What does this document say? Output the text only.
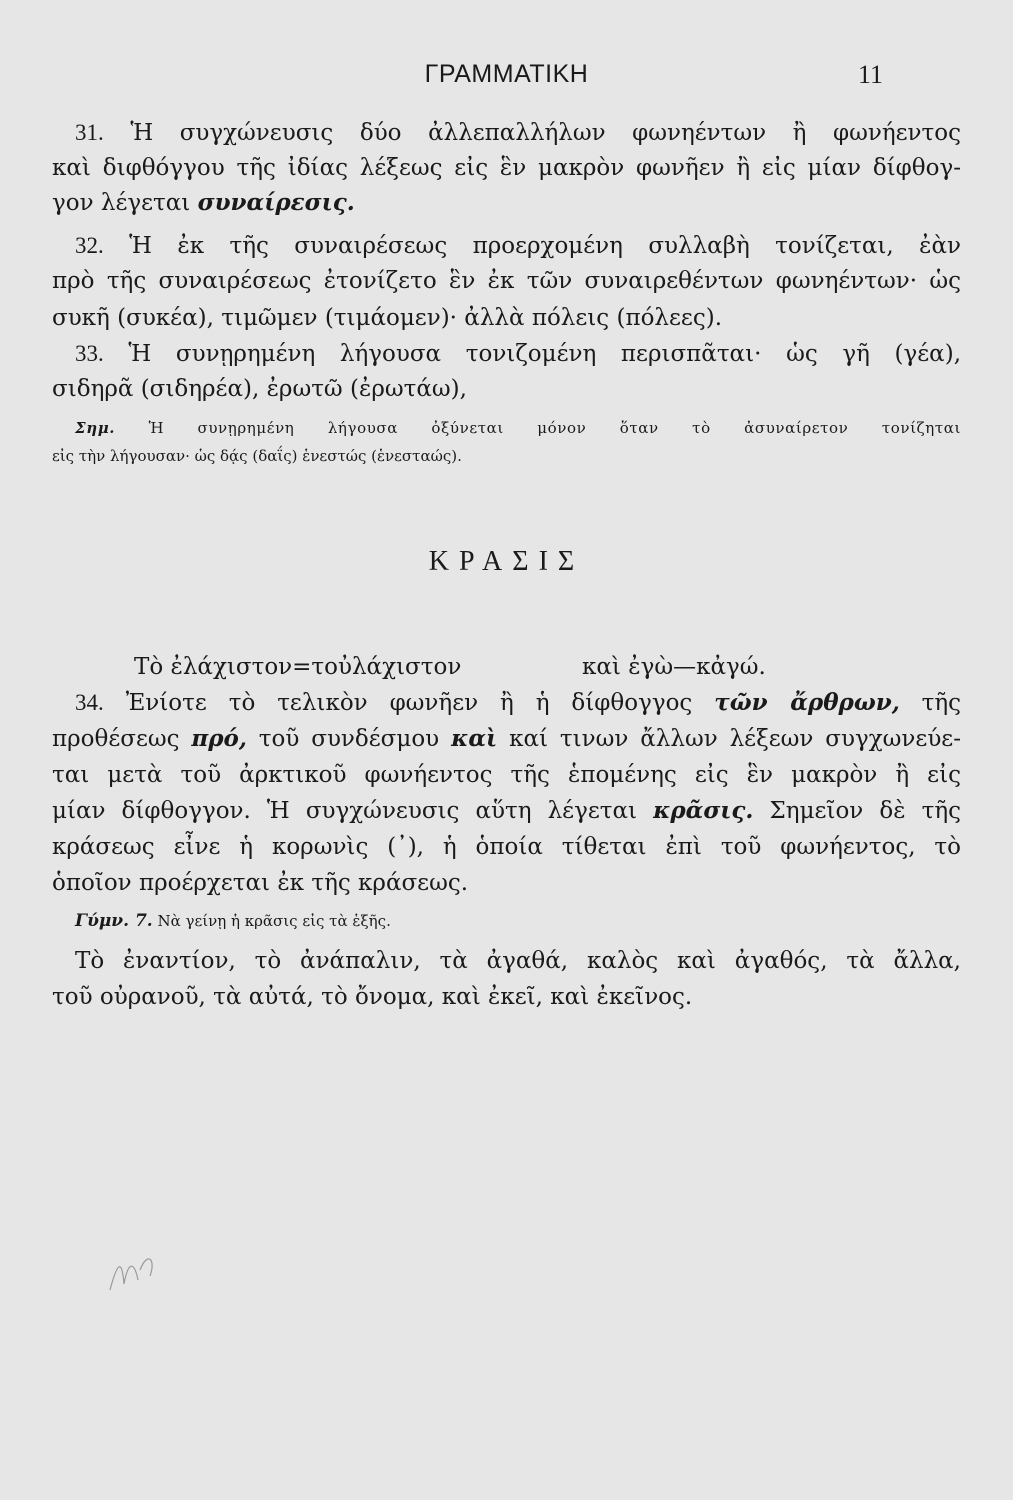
ΓΡΑΜΜΑΤΙΚΗ	11
31. Ἡ συγχώνευσις δύο ἀλλεπαλλήλων φωνηέντων ἢ φωνήεντος
καὶ διφθόγγου τῆς ἰδίας λέξεως εἰς ἓν μακρὸν φωνῆεν ἢ εἰς μίαν δίφθογ-
γον λέγεται συναίρεσις.
32. Ἡ ἐκ τῆς συναιρέσεως προερχομένη συλλαβὴ τονίζεται, ἐὰν
πρὸ τῆς συναιρέσεως ἐτονίζετο ἓν ἐκ τῶν συναιρεθέντων φωνηέντων· ὡς
συκῆ (συκέα), τιμῶμεν (τιμάομεν)· ἀλλὰ πόλεις (πόλεες).
33. Ἡ συνῃρημένη λήγουσα τονιζομένη περισπᾶται· ὡς γῆ (γέα),
σιδηρᾶ (σιδηρέα), ἐρωτῶ (ἐρωτάω),
Σημ. Ἡ συνῃρημένη λήγουσα ὀξύνεται μόνον ὅταν τὸ ἀσυναίρετον τονίζηται
εἰς τὴν λήγουσαν· ὡς δᾴς (δαΐς) ἑνεστώς (ἑνεσταώς).
ΚΡΑΣΙΣ
Τὸ ἐλάχιστον=τοὐλάχιστον	καὶ ἐγὼ—κἀγώ.
34. Ἐνίοτε τὸ τελικὸν φωνῆεν ἢ ἡ δίφθογγος τῶν ἄρθρων, τῆς
προθέσεως πρό, τοῦ συνδέσμου καὶ καί τινων ἄλλων λέξεων συγχωνεύε-
ται μετὰ τοῦ ἀρκτικοῦ φωνήεντος τῆς ἑπομένης εἰς ἓν μακρὸν ἢ εἰς
μίαν δίφθογγον. Ἡ συγχώνευσις αὕτη λέγεται κρᾶσις. Σημεῖον δὲ τῆς
κράσεως εἶνε ἡ κορωνὶς (᾽), ἡ ὁποία τίθεται ἐπὶ τοῦ φωνήεντος, τὸ
ὁποῖον προέρχεται ἐκ τῆς κράσεως.
Γύμν. 7. Νὰ γείνῃ ἡ κρᾶσις εἰς τὰ ἑξῆς.
Τὸ ἐναντίον, τὸ ἀνάπαλιν, τὰ ἀγαθά, καλὸς καὶ ἀγαθός, τὰ ἄλλα,
τοῦ οὐρανοῦ, τὰ αὐτά, τὸ ὄνομα, καὶ ἐκεῖ, καὶ ἐκεῖνος.
